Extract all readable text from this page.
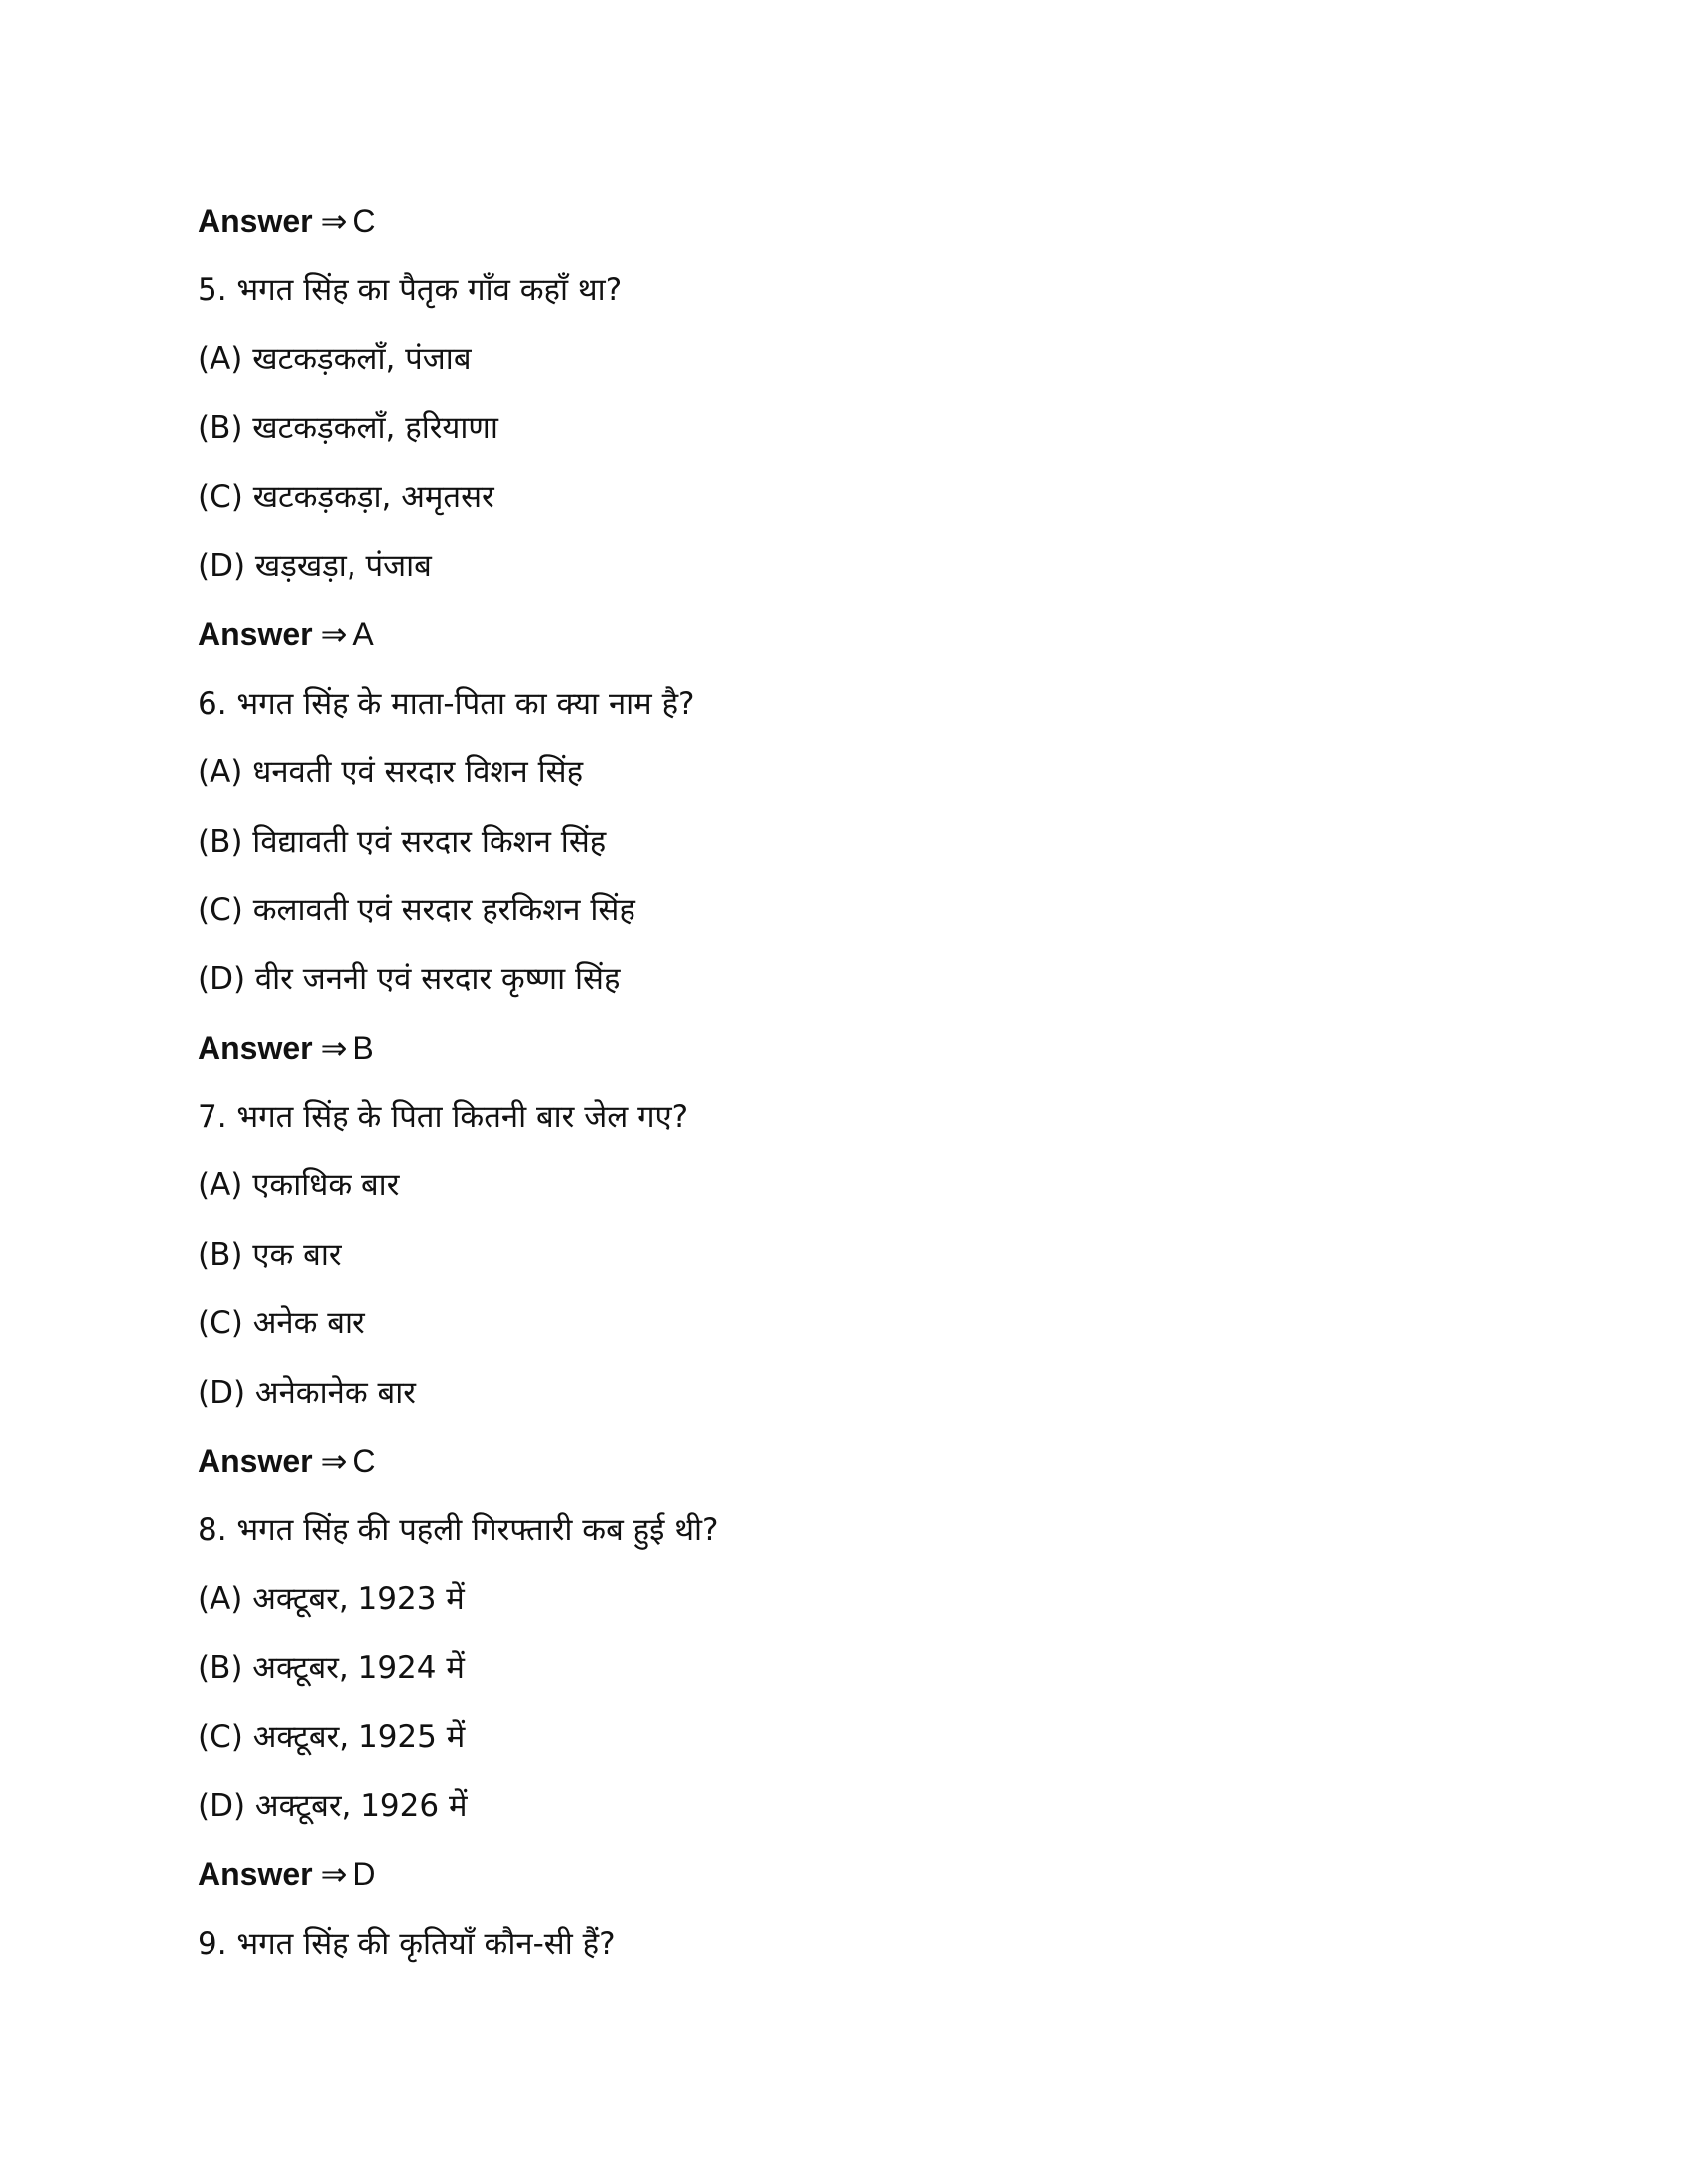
Answer ⇒ C
5. भगत सिंह का पैतृक गाँव कहाँ था?
(A) खटकड़कलाँ, पंजाब
(B) खटकड़कलाँ, हरियाणा
(C) खटकड़कड़ा, अमृतसर
(D) खड़खड़ा, पंजाब
Answer ⇒ A
6. भगत सिंह के माता-पिता का क्या नाम है?
(A) धनवती एवं सरदार विशन सिंह
(B) विद्यावती एवं सरदार किशन सिंह
(C) कलावती एवं सरदार हरकिशन सिंह
(D) वीर जननी एवं सरदार कृष्णा सिंह
Answer ⇒ B
7. भगत सिंह के पिता कितनी बार जेल गए?
(A) एकाधिक बार
(B) एक बार
(C) अनेक बार
(D) अनेकानेक बार
Answer ⇒ C
8. भगत सिंह की पहली गिरफ्तारी कब हुई थी?
(A) अक्टूबर, 1923 में
(B) अक्टूबर, 1924 में
(C) अक्टूबर, 1925 में
(D) अक्टूबर, 1926 में
Answer ⇒ D
9. भगत सिंह की कृतियाँ कौन-सी हैं?
